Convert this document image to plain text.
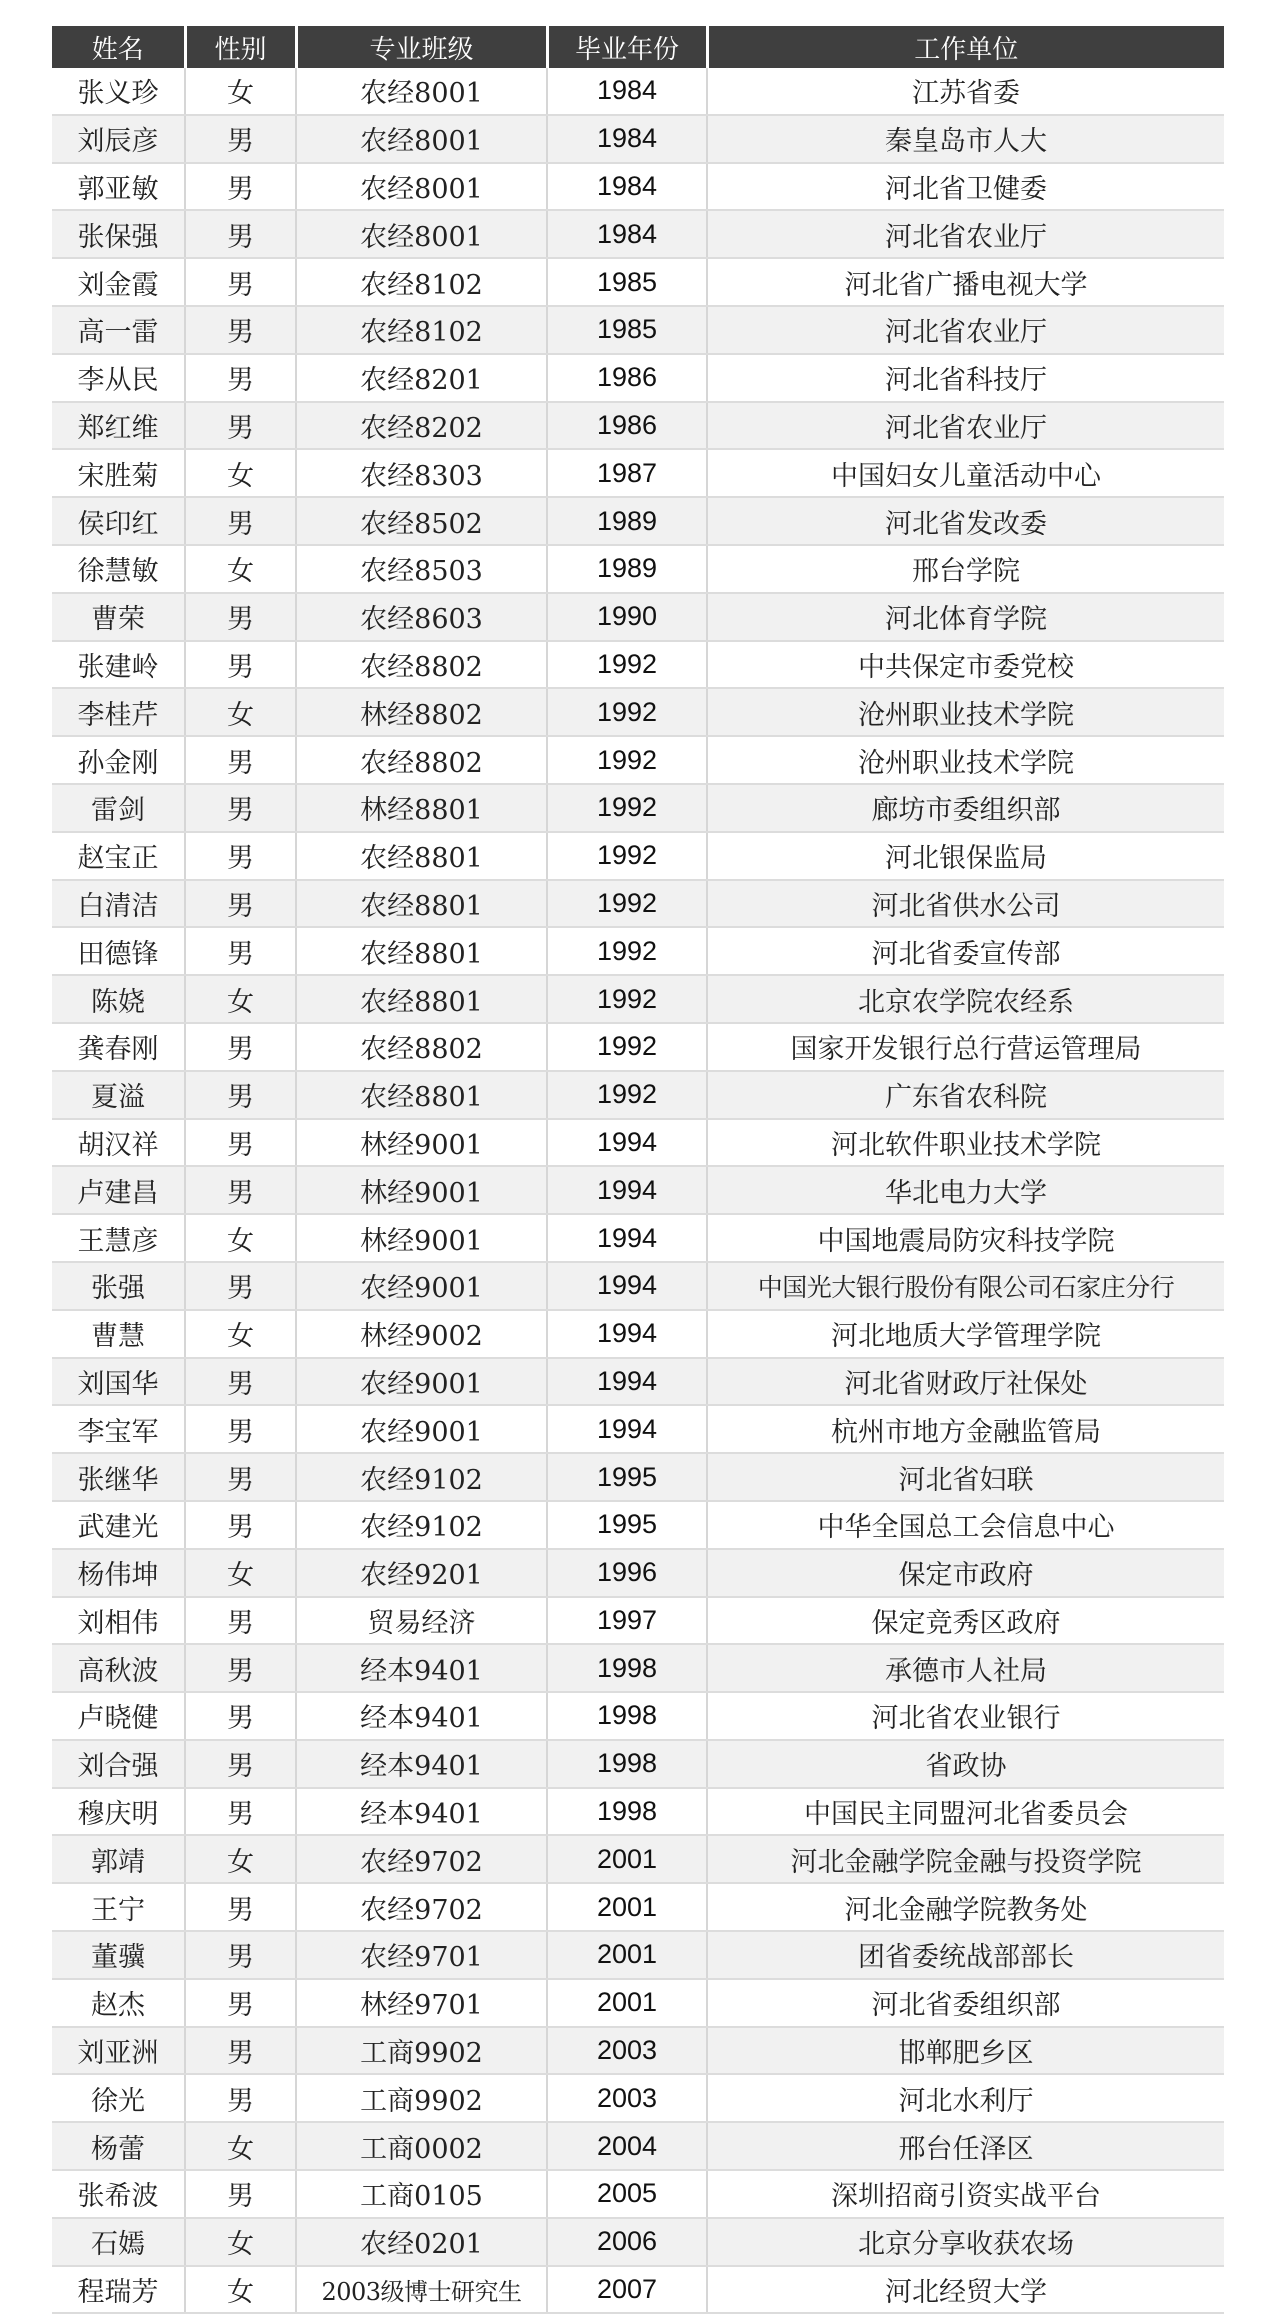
姓名	性别	专业班级	毕业年份	工作单位
张义珍	女	农经8001	1984	江苏省委
刘辰彦	男	农经8001	1984	秦皇岛市人大
郭亚敏	男	农经8001	1984	河北省卫健委
张保强	男	农经8001	1984	河北省农业厅
刘金霞	男	农经8102	1985	河北省广播电视大学
高一雷	男	农经8102	1985	河北省农业厅
李从民	男	农经8201	1986	河北省科技厅
郑红维	男	农经8202	1986	河北省农业厅
宋胜菊	女	农经8303	1987	中国妇女儿童活动中心
侯印红	男	农经8502	1989	河北省发改委
徐慧敏	女	农经8503	1989	邢台学院
曹荣	男	农经8603	1990	河北体育学院
张建岭	男	农经8802	1992	中共保定市委党校
李桂芹	女	林经8802	1992	沧州职业技术学院
孙金刚	男	农经8802	1992	沧州职业技术学院
雷剑	男	林经8801	1992	廊坊市委组织部
赵宝正	男	农经8801	1992	河北银保监局
白清洁	男	农经8801	1992	河北省供水公司
田德锋	男	农经8801	1992	河北省委宣传部
陈娆	女	农经8801	1992	北京农学院农经系
龚春刚	男	农经8802	1992	国家开发银行总行营运管理局
夏溢	男	农经8801	1992	广东省农科院
胡汉祥	男	林经9001	1994	河北软件职业技术学院
卢建昌	男	林经9001	1994	华北电力大学
王慧彦	女	林经9001	1994	中国地震局防灾科技学院
张强	男	农经9001	1994	中国光大银行股份有限公司石家庄分行
曹慧	女	林经9002	1994	河北地质大学管理学院
刘国华	男	农经9001	1994	河北省财政厅社保处
李宝军	男	农经9001	1994	杭州市地方金融监管局
张继华	男	农经9102	1995	河北省妇联
武建光	男	农经9102	1995	中华全国总工会信息中心
杨伟坤	女	农经9201	1996	保定市政府
刘相伟	男	贸易经济	1997	保定竞秀区政府
高秋波	男	经本9401	1998	承德市人社局
卢晓健	男	经本9401	1998	河北省农业银行
刘合强	男	经本9401	1998	省政协
穆庆明	男	经本9401	1998	中国民主同盟河北省委员会
郭靖	女	农经9702	2001	河北金融学院金融与投资学院
王宁	男	农经9702	2001	河北金融学院教务处
董骥	男	农经9701	2001	团省委统战部部长
赵杰	男	林经9701	2001	河北省委组织部
刘亚洲	男	工商9902	2003	邯郸肥乡区
徐光	男	工商9902	2003	河北水利厅
杨蕾	女	工商0002	2004	邢台任泽区
张希波	男	工商0105	2005	深圳招商引资实战平台
石嫣	女	农经0201	2006	北京分享收获农场
程瑞芳	女	2003级博士研究生	2007	河北经贸大学
